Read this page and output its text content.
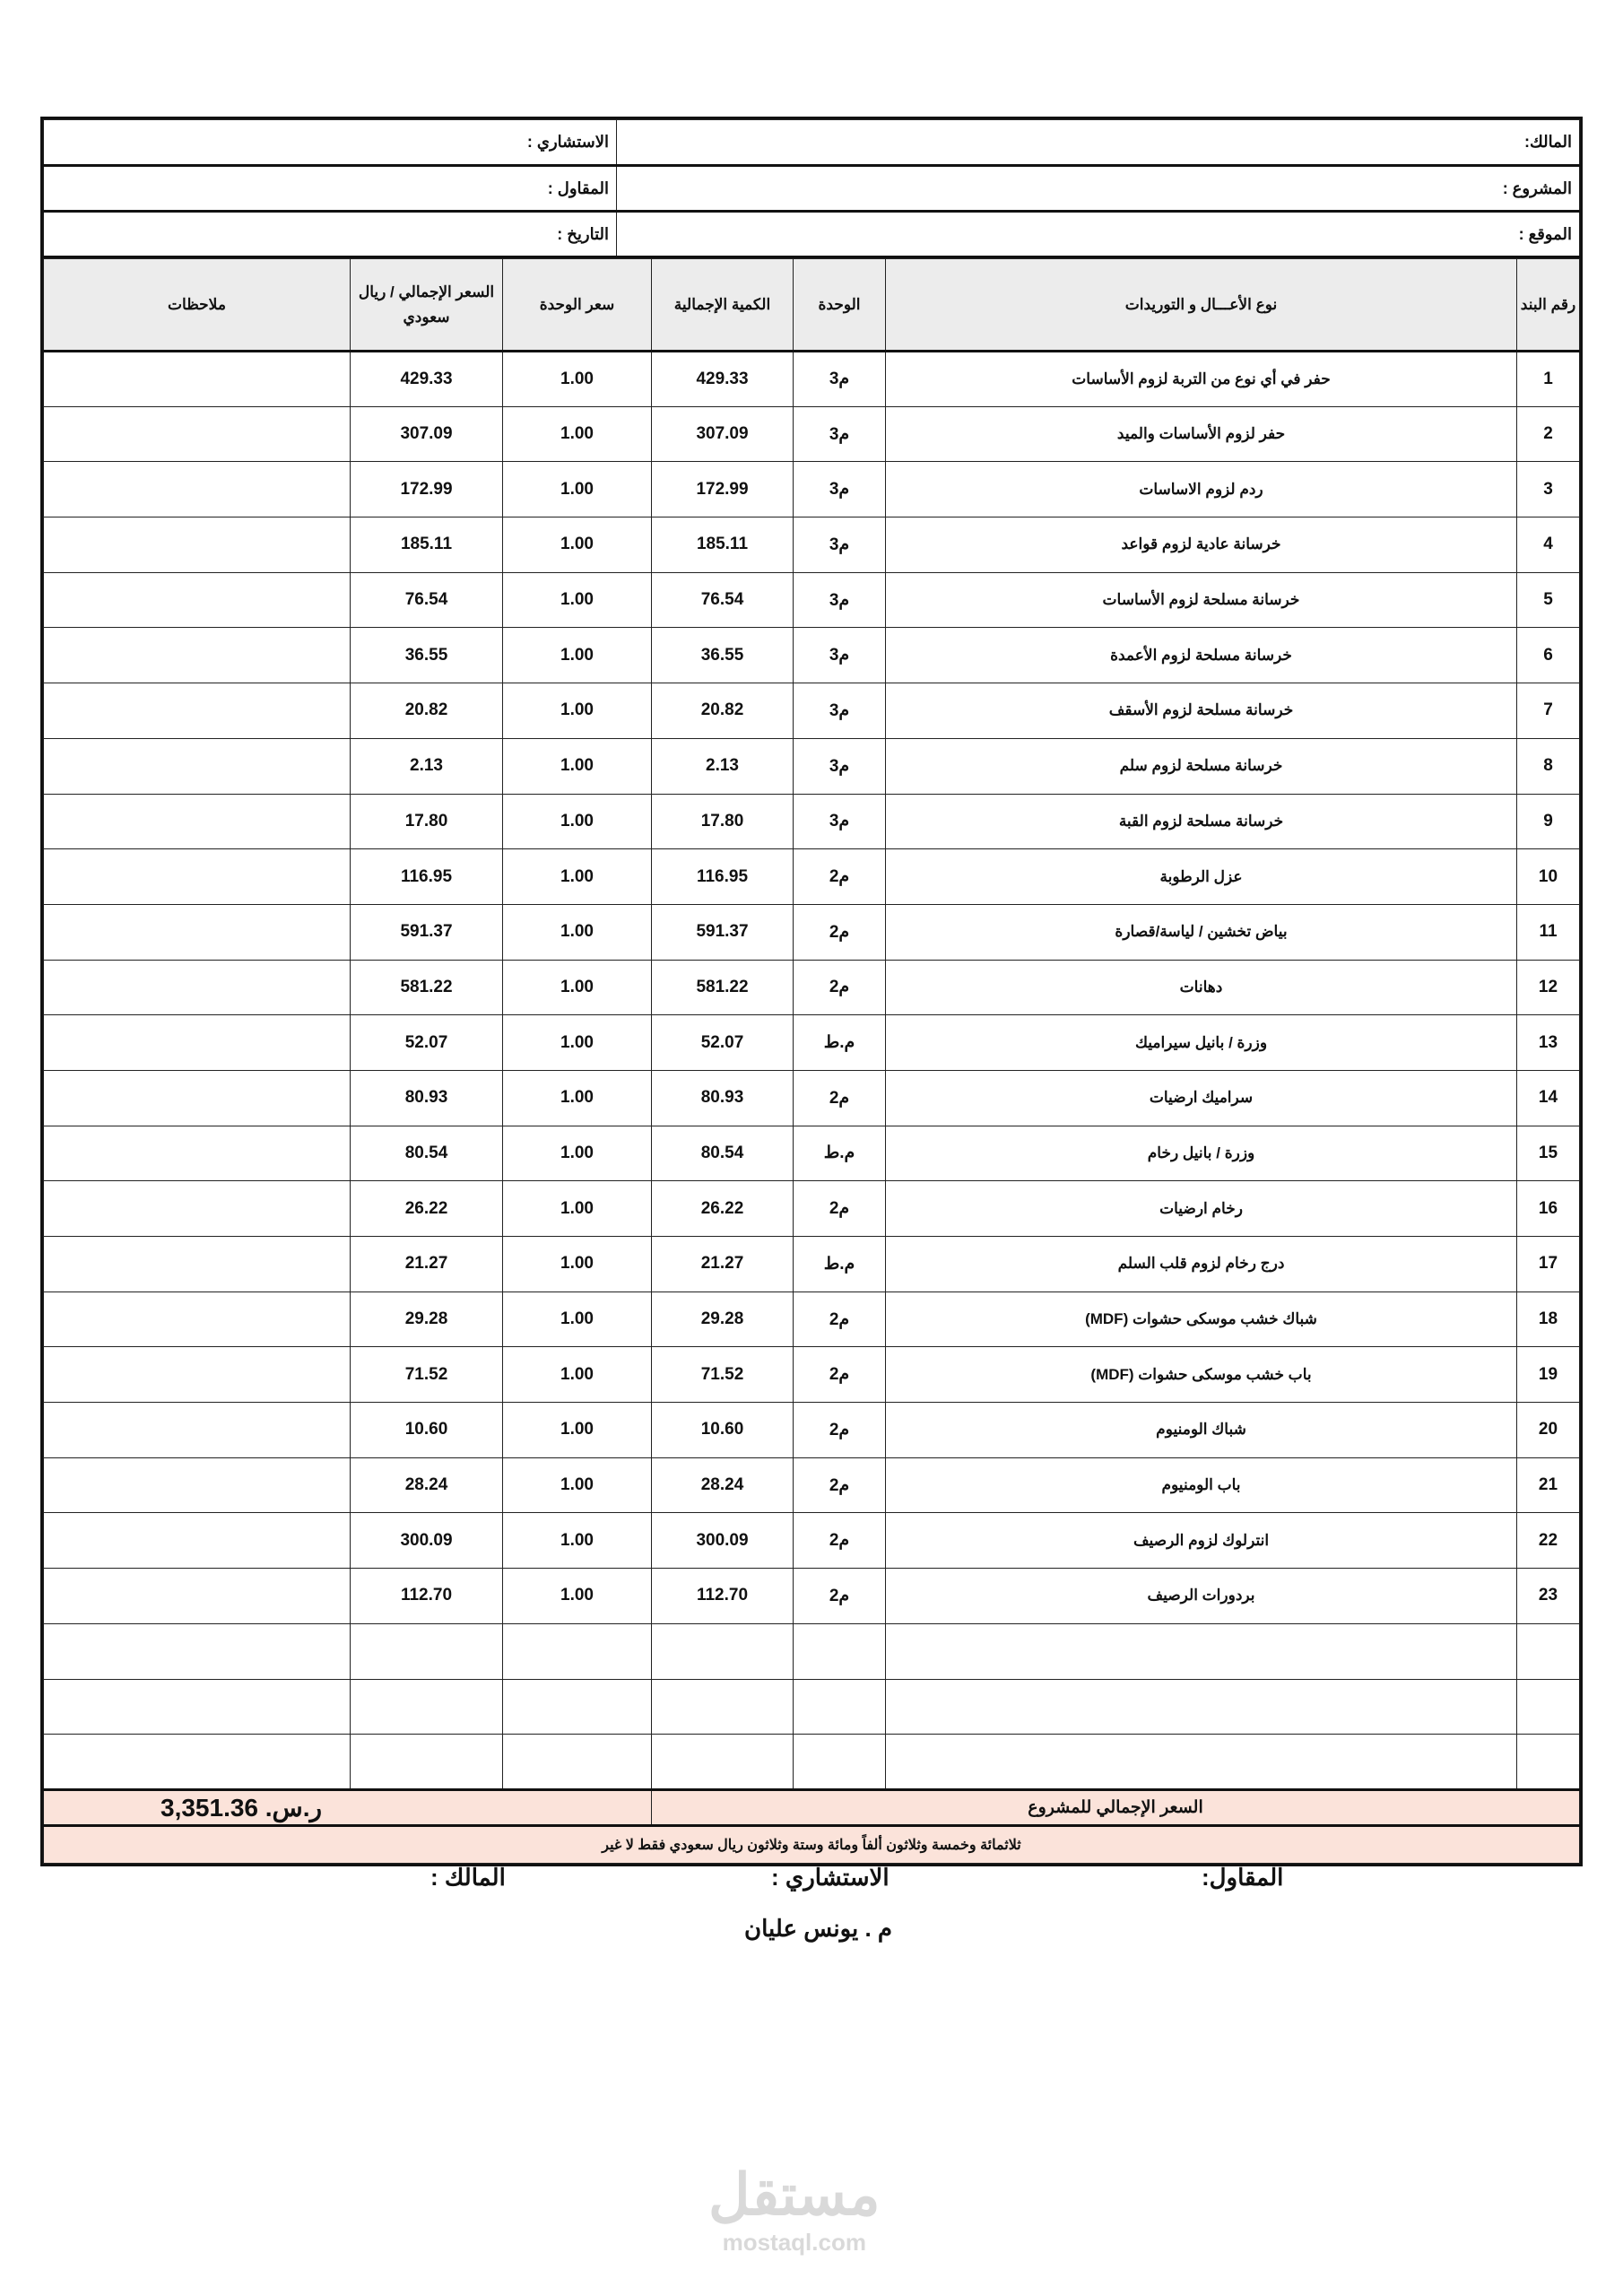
المالك:	الاستشاري :
المشروع :	المقاول :
الموقع :	التاريخ :
رقم البند	نوع الأعـــال و التوريدات	الوحدة	الكمية الإجمالية	سعر الوحدة	السعر الإجمالي / ريال سعودي	ملاحظات
1	حفر في أي نوع من التربة لزوم الأساسات	م3	429.33	1.00	429.33	
2	حفر لزوم الأساسات والميد	م3	307.09	1.00	307.09	
3	ردم لزوم الاساسات	م3	172.99	1.00	172.99	
4	خرسانة عادية لزوم قواعد	م3	185.11	1.00	185.11	
5	خرسانة مسلحة لزوم الأساسات	م3	76.54	1.00	76.54	
6	خرسانة مسلحة لزوم الأعمدة	م3	36.55	1.00	36.55	
7	خرسانة مسلحة لزوم الأسقف	م3	20.82	1.00	20.82	
8	خرسانة مسلحة لزوم سلم	م3	2.13	1.00	2.13	
9	خرسانة مسلحة لزوم القبة	م3	17.80	1.00	17.80	
10	عزل الرطوبة	م2	116.95	1.00	116.95	
11	بياض تخشين / لياسة/قصارة	م2	591.37	1.00	591.37	
12	دهانات	م2	581.22	1.00	581.22	
13	وزرة / بانيل سيراميك	م.ط	52.07	1.00	52.07	
14	سراميك ارضيات	م2	80.93	1.00	80.93	
15	وزرة / بانيل رخام	م.ط	80.54	1.00	80.54	
16	رخام ارضيات	م2	26.22	1.00	26.22	
17	درج رخام لزوم قلب السلم	م.ط	21.27	1.00	21.27	
18	شباك خشب موسكى حشوات (MDF)	م2	29.28	1.00	29.28	
19	باب خشب موسكى حشوات (MDF)	م2	71.52	1.00	71.52	
20	شباك الومنيوم	م2	10.60	1.00	10.60	
21	باب الومنيوم	م2	28.24	1.00	28.24	
22	انترلوك لزوم الرصيف	م2	300.09	1.00	300.09	
23	بردورات الرصيف	م2	112.70	1.00	112.70	

السعر الإجمالي للمشروع				ر.س. 3,351.36		
ثلاثمائة وخمسة وثلاثون ألفاً ومائة وستة وثلاثون ريال سعودي فقط لا غير						
المقاول:
الاستشاري :
المالك :
م . يونس عليان
مستقل
mostaql.com
